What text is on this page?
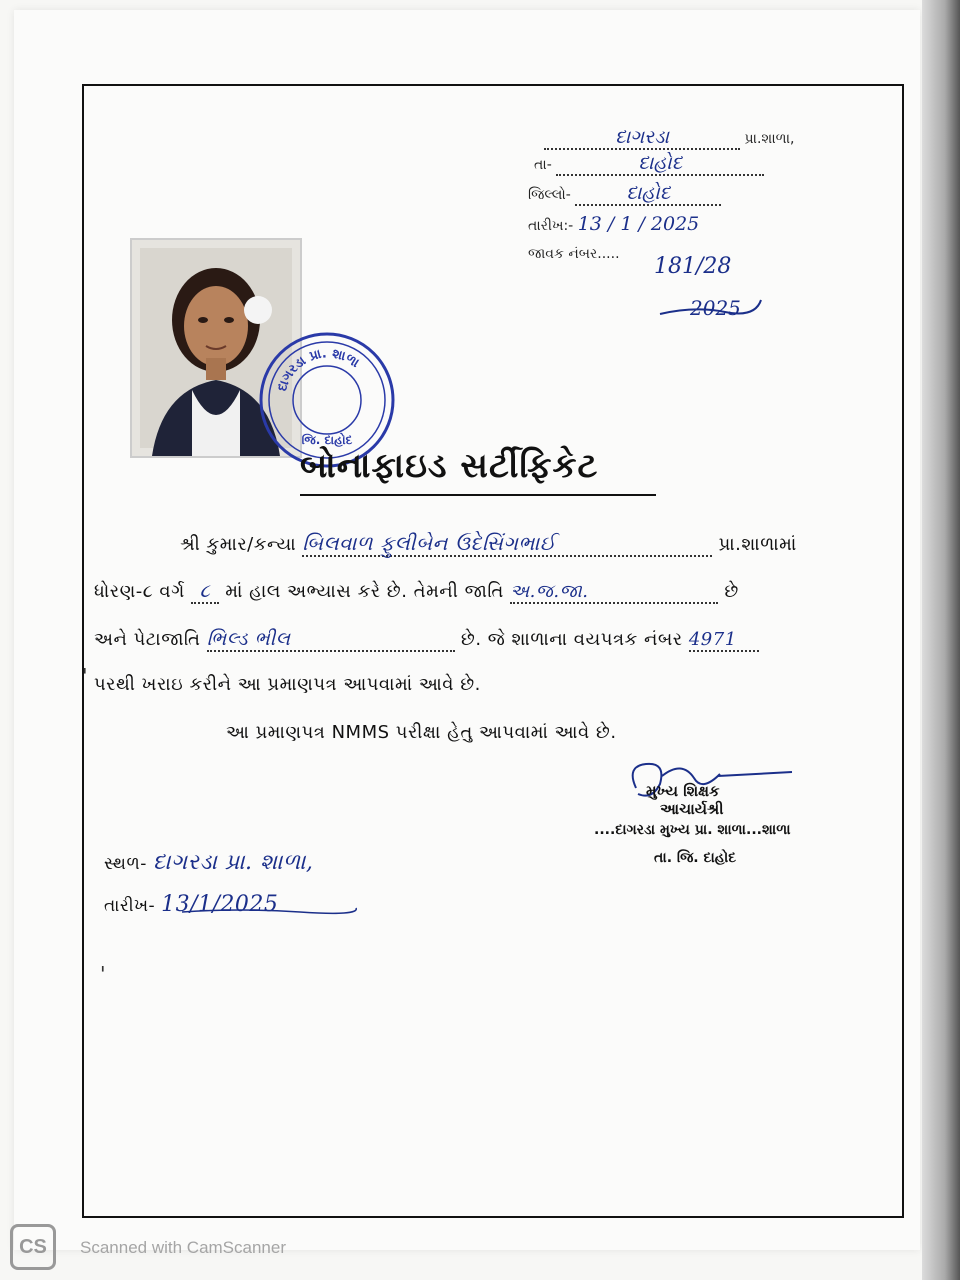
દાગરડા	પ્રા.શાળા,
તા-	દાહોદ
જિલ્લો-	દાહોદ
તારીખ:- 13 / 1 / 2025
જાવક નંબર..... 181/28
2025
દાગરડા પ્રા. શાળા
જિ. દાહોદ
બોનાફાઇડ સર્ટીફિકેટ
શ્રી કુમાર/કન્યા બિલવાળ ફુલીબેન ઉદેસિંગભાઈ	પ્રા.શાળામાં
ધોરણ-૮ વર્ગ ૮ માં હાલ અભ્યાસ કરે છે. તેમની જાતિ અ.જ.જા.	છે
અને પેટાજાતિ ભિલ્ડ ભીલ	છે. જે શાળાના વયપત્રક નંબર 4971
પરથી ખરાઇ કરીને આ પ્રમાણપત્ર આપવામાં આવે છે.
આ પ્રમાણપત્ર NMMS પરીક્ષા હેતુ આપવામાં આવે છે.
મુખ્ય શિક્ષક
આચાર્યશ્રી
....દાગરડા મુખ્ય પ્રા. શાળા...શાળા
તા. જિ. દાહોદ
સ્થળ- દાગરડા પ્રા. શાળા,
તારીખ- 13/1/2025
'
'
CS	Scanned with CamScanner
